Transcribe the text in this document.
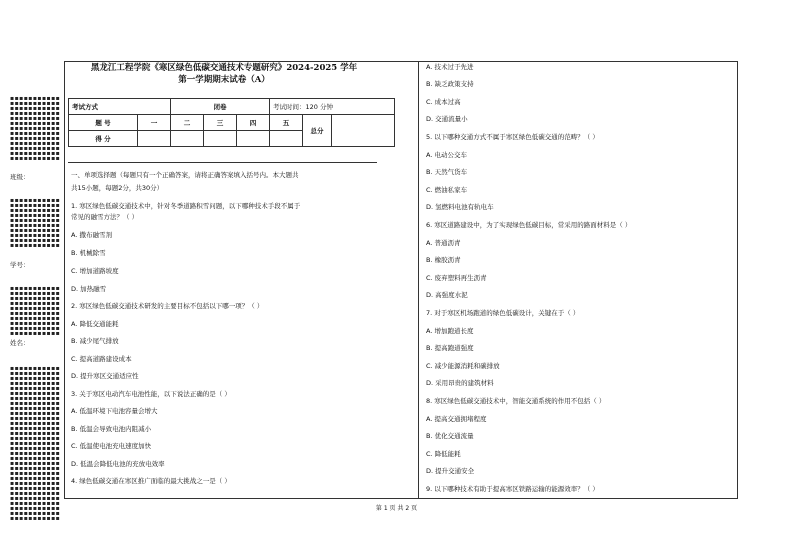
▪▪▪▪▪▪▪▪▪▪▪
▪▪▪▪▪▪▪▪▪▪▪
▪▪▪▪▪▪▪▪▪▪▪
▪▪▪▪▪▪▪▪▪▪▪
▪▪▪▪▪▪▪▪▪▪▪
▪▪▪▪▪▪▪▪▪▪▪
▪▪▪▪▪▪▪▪▪▪▪
▪▪▪▪▪▪▪▪▪▪▪
▪▪▪▪▪▪▪▪▪▪▪
▪▪▪▪▪▪▪▪▪▪▪
▪▪▪▪▪▪▪▪▪▪▪
▪▪▪▪▪▪▪▪▪▪▪
▪▪▪▪▪▪▪▪▪▪▪
班级：
▪▪▪▪▪▪▪▪▪▪▪
▪▪▪▪▪▪▪▪▪▪▪
▪▪▪▪▪▪▪▪▪▪▪
▪▪▪▪▪▪▪▪▪▪▪
▪▪▪▪▪▪▪▪▪▪▪
▪▪▪▪▪▪▪▪▪▪▪
▪▪▪▪▪▪▪▪▪▪▪
▪▪▪▪▪▪▪▪▪▪▪
▪▪▪▪▪▪▪▪▪▪▪
▪▪▪▪▪▪▪▪▪▪▪
学号：
▪▪▪▪▪▪▪▪▪▪▪
▪▪▪▪▪▪▪▪▪▪▪
▪▪▪▪▪▪▪▪▪▪▪
▪▪▪▪▪▪▪▪▪▪▪
▪▪▪▪▪▪▪▪▪▪▪
▪▪▪▪▪▪▪▪▪▪▪
▪▪▪▪▪▪▪▪▪▪▪
▪▪▪▪▪▪▪▪▪▪▪
▪▪▪▪▪▪▪▪▪▪▪
▪▪▪▪▪▪▪▪▪▪▪
姓名：
▪▪▪▪▪▪▪▪▪▪▪
▪▪▪▪▪▪▪▪▪▪▪
▪▪▪▪▪▪▪▪▪▪▪
▪▪▪▪▪▪▪▪▪▪▪
▪▪▪▪▪▪▪▪▪▪▪
▪▪▪▪▪▪▪▪▪▪▪
▪▪▪▪▪▪▪▪▪▪▪
▪▪▪▪▪▪▪▪▪▪▪
▪▪▪▪▪▪▪▪▪▪▪
▪▪▪▪▪▪▪▪▪▪▪
▪▪▪▪▪▪▪▪▪▪▪
▪▪▪▪▪▪▪▪▪▪▪
▪▪▪▪▪▪▪▪▪▪▪
▪▪▪▪▪▪▪▪▪▪▪
▪▪▪▪▪▪▪▪▪▪▪
▪▪▪▪▪▪▪▪▪▪▪
▪▪▪▪▪▪▪▪▪▪▪
▪▪▪▪▪▪▪▪▪▪▪
▪▪▪▪▪▪▪▪▪▪▪
▪▪▪▪▪▪▪▪▪▪▪
▪▪▪▪▪▪▪▪▪▪▪
▪▪▪▪▪▪▪▪▪▪▪
▪▪▪▪▪▪▪▪▪▪▪
▪▪▪▪▪▪▪▪▪▪▪
▪▪▪▪▪▪▪▪▪▪▪
▪▪▪▪▪▪▪▪▪▪▪
▪▪▪▪▪▪▪▪▪▪▪
▪▪▪▪▪▪▪▪▪▪▪
▪▪▪▪▪▪▪▪▪▪▪
▪▪▪▪▪▪▪▪▪▪▪
▪▪▪▪▪▪▪▪▪▪▪
黑龙江工程学院《寒区绿色低碳交通技术专题研究》2024-2025 学年
第一学期期末试卷（A）
考试方式		闭卷			考试时间：120 分钟		
题 号	一	二	三	四	五	总分	
得 分							
一、单项选择题（每题只有一个正确答案，请将正确答案填入括号内。本大题共
共15小题，每题2分，共30分）
1. 寒区绿色低碳交通技术中，针对冬季道路积雪问题，以下哪种技术手段不属于
常见的融雪方法？（ ）
A. 撒布融雪剂
B. 机械除雪
C. 增加道路坡度
D. 加热融雪
2. 寒区绿色低碳交通技术研发的主要目标不包括以下哪一项？（ ）
A. 降低交通能耗
B. 减少尾气排放
C. 提高道路建设成本
D. 提升寒区交通适应性
3. 关于寒区电动汽车电池性能，以下说法正确的是（ ）
A. 低温环境下电池容量会增大
B. 低温会导致电池内阻减小
C. 低温使电池充电速度加快
D. 低温会降低电池的充放电效率
4. 绿色低碳交通在寒区推广面临的最大挑战之一是（ ）
A. 技术过于先进
B. 缺乏政策支持
C. 成本过高
D. 交通流量小
5. 以下哪种交通方式不属于寒区绿色低碳交通的范畴？（ ）
A. 电动公交车
B. 天然气货车
C. 燃油私家车
D. 氢燃料电池有轨电车
6. 寒区道路建设中，为了实现绿色低碳目标，常采用的路面材料是（ ）
A. 普通沥青
B. 橡胶沥青
C. 废弃塑料再生沥青
D. 高强度水泥
7. 对于寒区机场跑道的绿色低碳设计，关键在于（ ）
A. 增加跑道长度
B. 提高跑道强度
C. 减少能源消耗和碳排放
D. 采用昂贵的建筑材料
8. 寒区绿色低碳交通技术中，智能交通系统的作用不包括（ ）
A. 提高交通拥堵程度
B. 优化交通流量
C. 降低能耗
D. 提升交通安全
9. 以下哪种技术有助于提高寒区铁路运输的能源效率？（ ）
第 1 页 共 2 页
